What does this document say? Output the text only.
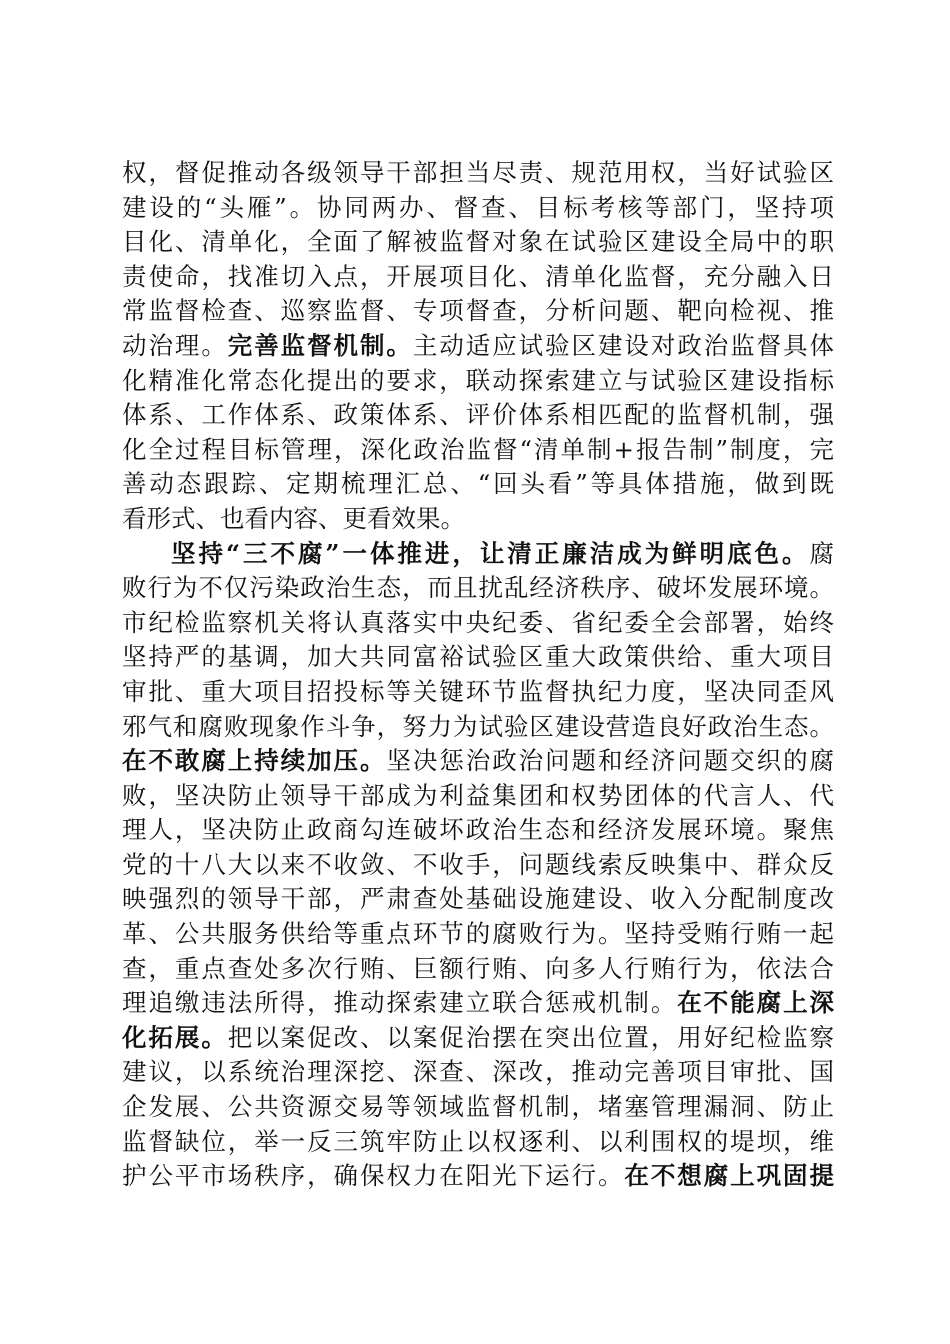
权，督促推动各级领导干部担当尽责、规范用权，当好试验区
建设的“头雁”。协同两办、督查、目标考核等部门，坚持项
目化、清单化，全面了解被监督对象在试验区建设全局中的职
责使命，找准切入点，开展项目化、清单化监督，充分融入日
常监督检查、巡察监督、专项督查，分析问题、靶向检视、推
动治理。完善监督机制。主动适应试验区建设对政治监督具体
化精准化常态化提出的要求，联动探索建立与试验区建设指标
体系、工作体系、政策体系、评价体系相匹配的监督机制，强
化全过程目标管理，深化政治监督“清单制+报告制”制度，完
善动态跟踪、定期梳理汇总、“回头看”等具体措施，做到既
看形式、也看内容、更看效果。
坚持“三不腐”一体推进，让清正廉洁成为鲜明底色。腐
败行为不仅污染政治生态，而且扰乱经济秩序、破坏发展环境。
市纪检监察机关将认真落实中央纪委、省纪委全会部署，始终
坚持严的基调，加大共同富裕试验区重大政策供给、重大项目
审批、重大项目招投标等关键环节监督执纪力度，坚决同歪风
邪气和腐败现象作斗争，努力为试验区建设营造良好政治生态。
在不敢腐上持续加压。坚决惩治政治问题和经济问题交织的腐
败，坚决防止领导干部成为利益集团和权势团体的代言人、代
理人，坚决防止政商勾连破坏政治生态和经济发展环境。聚焦
党的十八大以来不收敛、不收手，问题线索反映集中、群众反
映强烈的领导干部，严肃查处基础设施建设、收入分配制度改
革、公共服务供给等重点环节的腐败行为。坚持受贿行贿一起
查，重点查处多次行贿、巨额行贿、向多人行贿行为，依法合
理追缴违法所得，推动探索建立联合惩戒机制。在不能腐上深
化拓展。把以案促改、以案促治摆在突出位置，用好纪检监察
建议，以系统治理深挖、深查、深改，推动完善项目审批、国
企发展、公共资源交易等领域监督机制，堵塞管理漏洞、防止
监督缺位，举一反三筑牢防止以权逐利、以利围权的堤坝，维
护公平市场秩序，确保权力在阳光下运行。在不想腐上巩固提
